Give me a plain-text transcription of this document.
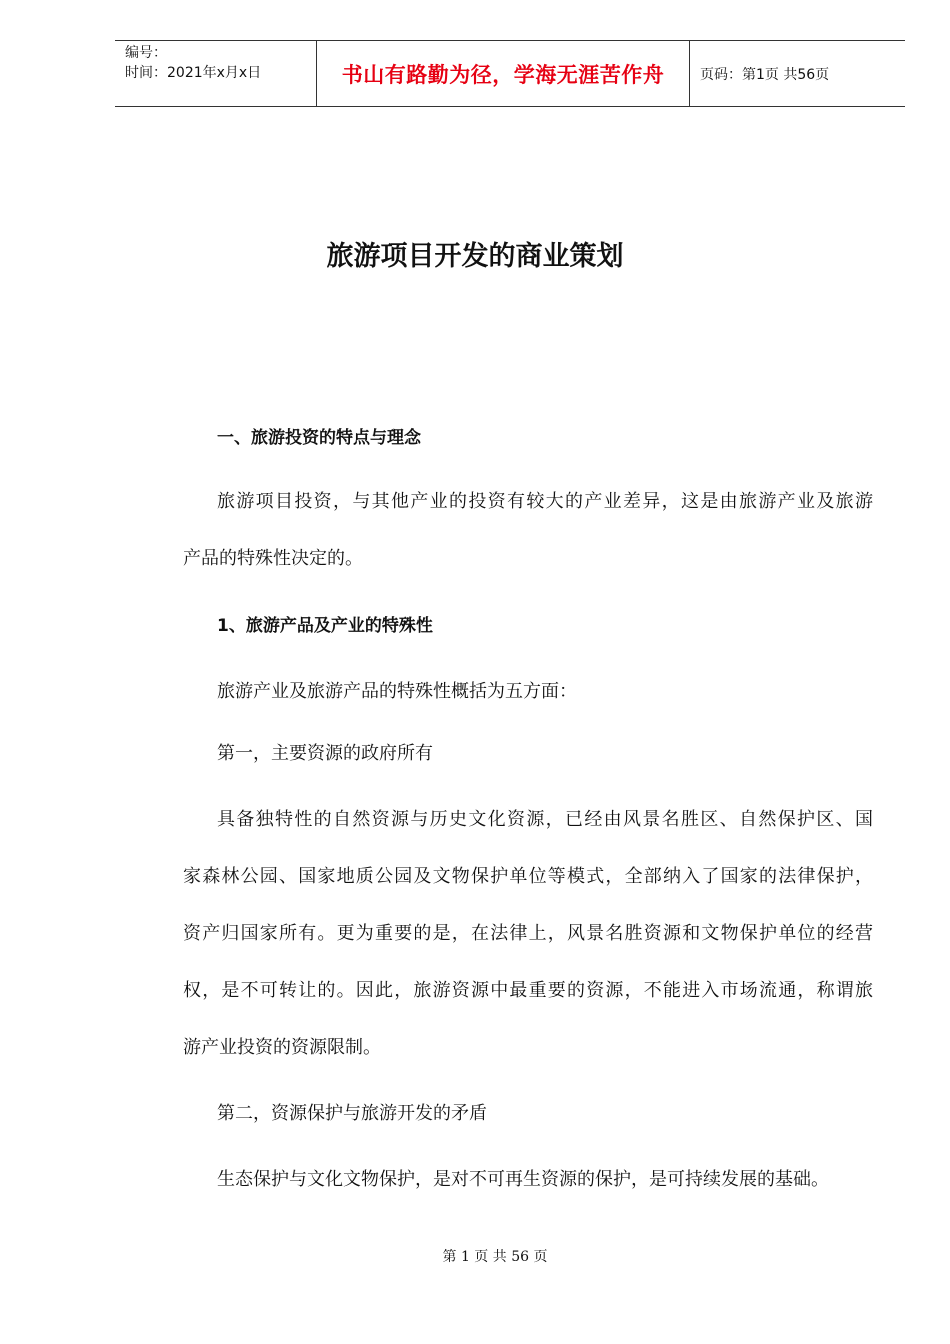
编号：
时间：2021年x月x日	书山有路勤为径，学海无涯苦作舟	页码：第1页 共56页
旅游项目开发的商业策划

一、旅游投资的特点与理念

旅游项目投资，与其他产业的投资有较大的产业差异，这是由旅游产业及旅游

产品的特殊性决定的。

1、旅游产品及产业的特殊性

旅游产业及旅游产品的特殊性概括为五方面：

第一，主要资源的政府所有

具备独特性的自然资源与历史文化资源，已经由风景名胜区、自然保护区、国

家森林公园、国家地质公园及文物保护单位等模式，全部纳入了国家的法律保护，

资产归国家所有。更为重要的是，在法律上，风景名胜资源和文物保护单位的经营

权，是不可转让的。因此，旅游资源中最重要的资源，不能进入市场流通，称谓旅

游产业投资的资源限制。

第二，资源保护与旅游开发的矛盾

生态保护与文化文物保护，是对不可再生资源的保护，是可持续发展的基础。

第 1 页 共 56 页
